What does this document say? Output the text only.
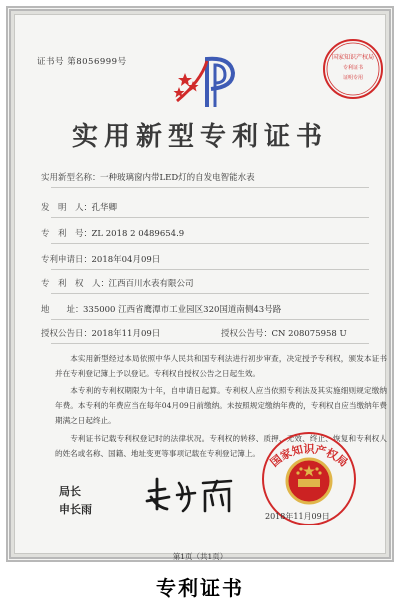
证书号 第8056999号	国家知识产权局
专利证书
证明专用
实用新型专利证书
实用新型名称：一种玻璃窗内带LED灯的自发电智能水表
发　明　人：孔华卿
专　利　号：ZL 2018 2 0489654.9
专利申请日：2018年04月09日
专　利　权　人：江西百川水表有限公司
地　　址：335000 江西省鹰潭市工业园区320国道南侧43号路
授权公告日：2018年11月09日	授权公告号：CN 208075958 U
本实用新型经过本局依照中华人民共和国专利法进行初步审查，决定授予专利权，颁发本证书并在专利登记簿上予以登记。专利权自授权公告之日起生效。
本专利的专利权期限为十年，自申请日起算。专利权人应当依照专利法及其实施细则规定缴纳年费。本专利的年费应当在每年04月09日前缴纳。未按照规定缴纳年费的，专利权自应当缴纳年费期满之日起终止。
专利证书记载专利权登记时的法律状况。专利权的转移、质押、无效、终止、恢复和专利权人的姓名或名称、国籍、地址变更等事项记载在专利登记簿上。
局长
申长雨
国家知识产权局
2018年11月09日
第1页（共1页）
专利证书
